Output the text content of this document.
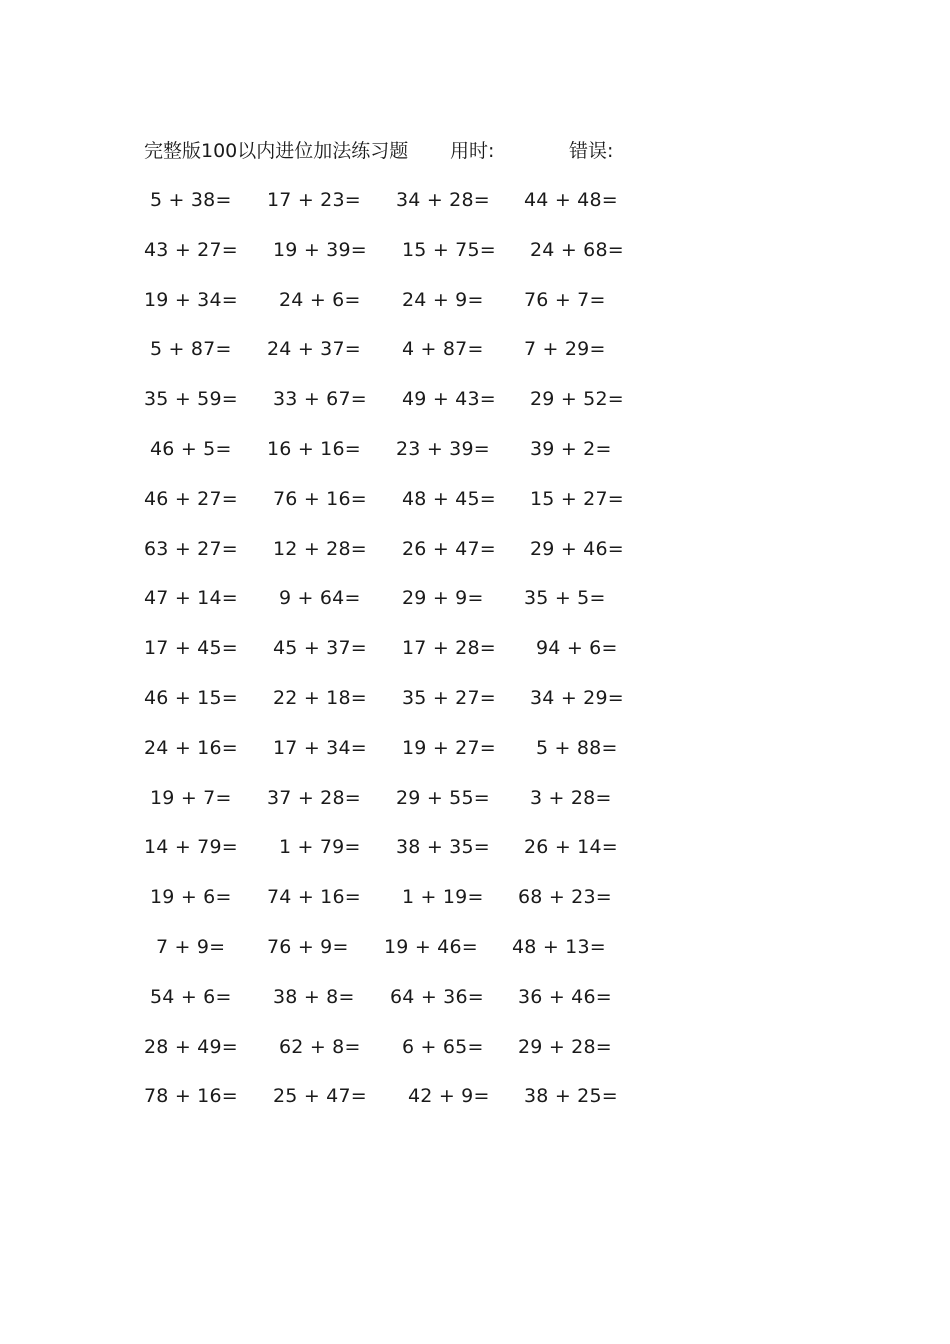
完整版100以内进位加法练习题 用时:	错误:
5 + 38= 17 + 23= 34 + 28= 44 + 48=
43 + 27= 19 + 39= 15 + 75= 24 + 68=
19 + 34= 24 + 6= 24 + 9= 76 + 7=
5 + 87= 24 + 37= 4 + 87= 7 + 29=
35 + 59= 33 + 67= 49 + 43= 29 + 52=
46 + 5= 16 + 16= 23 + 39= 39 + 2=
46 + 27= 76 + 16= 48 + 45= 15 + 27=
63 + 27= 12 + 28= 26 + 47= 29 + 46=
47 + 14= 9 + 64= 29 + 9= 35 + 5=
17 + 45= 45 + 37= 17 + 28= 94 + 6=
46 + 15= 22 + 18= 35 + 27= 34 + 29=
24 + 16= 17 + 34= 19 + 27= 5 + 88=
19 + 7= 37 + 28= 29 + 55= 3 + 28=
14 + 79= 1 + 79= 38 + 35= 26 + 14=
19 + 6= 74 + 16= 1 + 19= 68 + 23=
7 + 9= 76 + 9= 19 + 46= 48 + 13=
54 + 6= 38 + 8= 64 + 36= 36 + 46=
28 + 49= 62 + 8= 6 + 65= 29 + 28=
78 + 16= 25 + 47= 42 + 9= 38 + 25=
